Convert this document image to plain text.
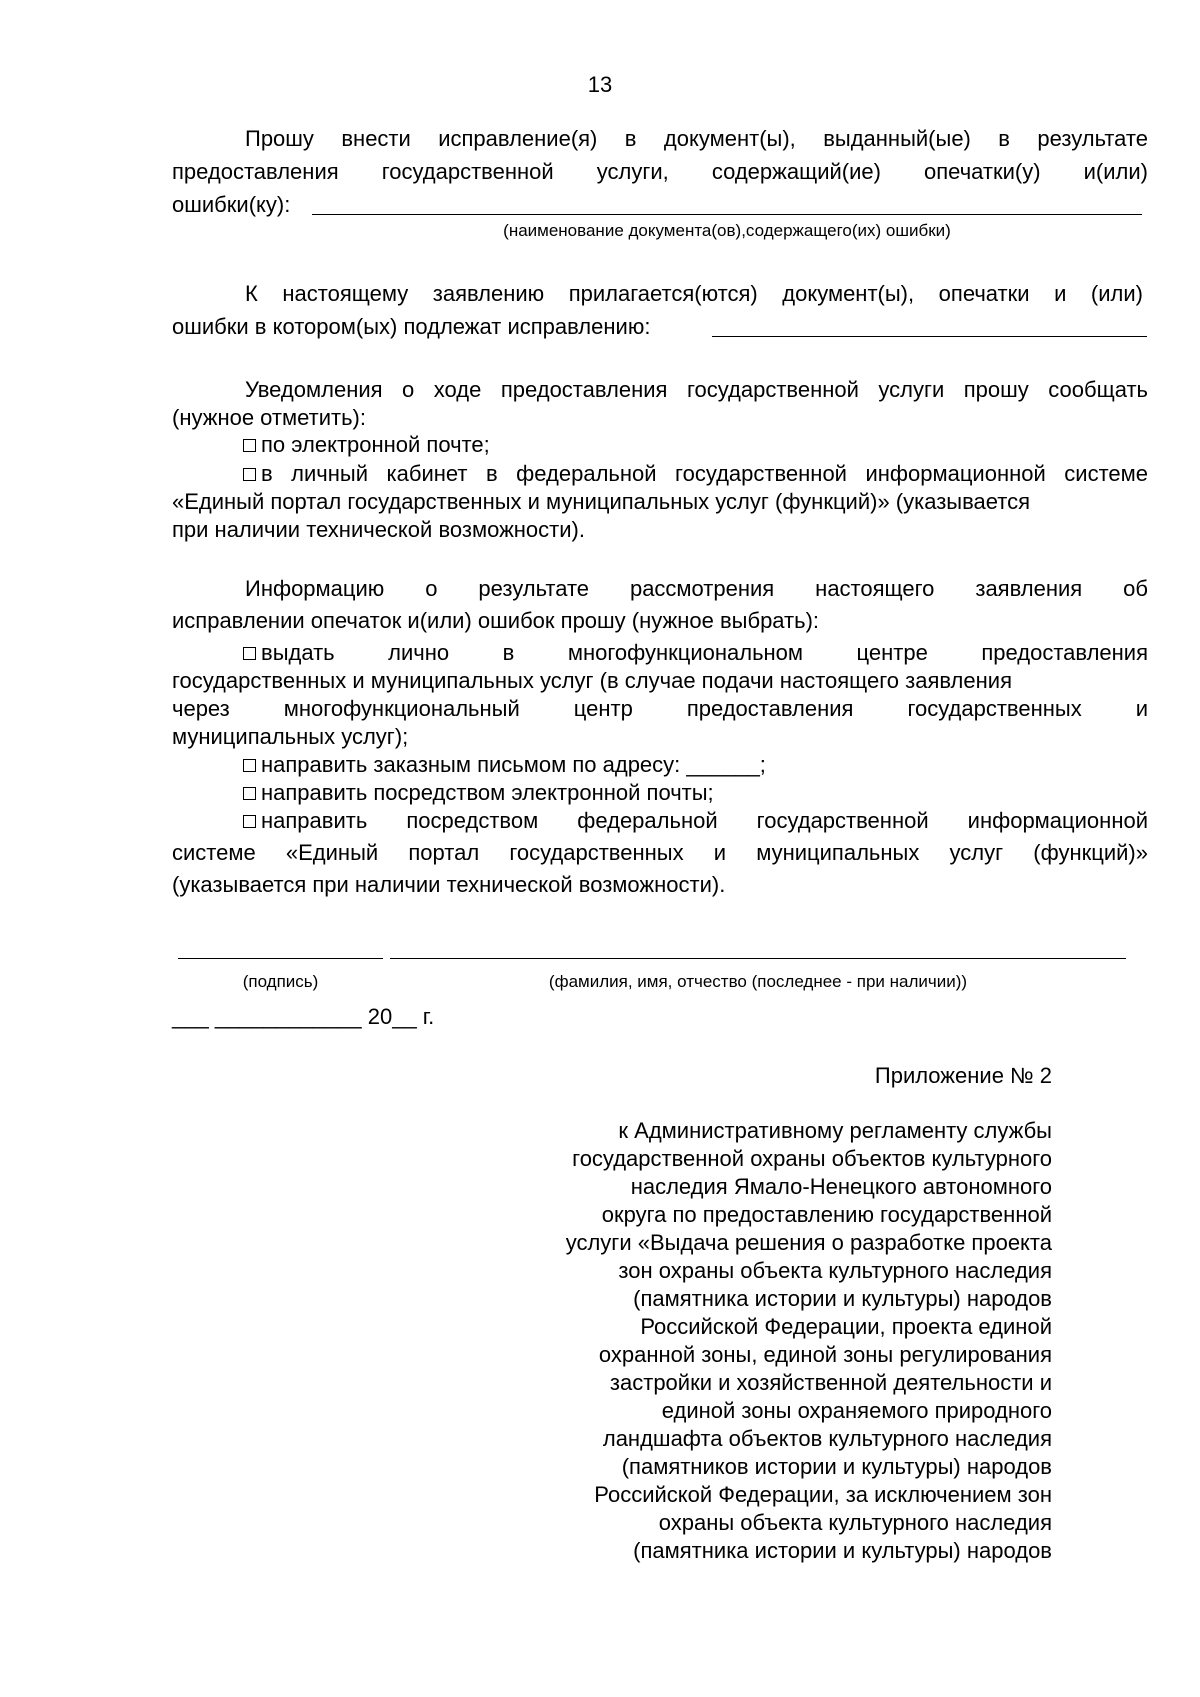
13
Прошу внести исправление(я) в документ(ы), выданный(ые) в результате
предоставления государственной услуги, содержащий(ие) опечатки(у) и(или)
ошибки(ку):
(наименование документа(ов),содержащего(их) ошибки)
К настоящему заявлению прилагается(ются) документ(ы), опечатки и (или)
ошибки в котором(ых) подлежат исправлению:
Уведомления о ходе предоставления государственной услуги прошу сообщать
(нужное отметить):
по электронной почте;
в личный кабинет в федеральной государственной информационной системе
«Единый портал государственных и муниципальных услуг (функций)» (указывается
при наличии технической возможности).
Информацию о результате рассмотрения настоящего заявления об
исправлении опечаток и(или) ошибок прошу (нужное выбрать):
выдать лично в многофункциональном центре предоставления
государственных и муниципальных услуг (в случае подачи настоящего заявления
через многофункциональный центр предоставления государственных и
муниципальных услуг);
направить заказным письмом по адресу: ______;
направить посредством электронной почты;
направить посредством федеральной государственной информационной
системе «Единый портал государственных и муниципальных услуг (функций)»
(указывается при наличии технической возможности).
(подпись)	(фамилия, имя, отчество (последнее - при наличии))
___ ____________ 20__ г.
Приложение № 2
к Административному регламенту службы
государственной охраны объектов культурного
наследия Ямало-Ненецкого автономного
округа по предоставлению государственной
услуги «Выдача решения о разработке проекта
зон охраны объекта культурного наследия
(памятника истории и культуры) народов
Российской Федерации, проекта единой
охранной зоны, единой зоны регулирования
застройки и хозяйственной деятельности и
единой зоны охраняемого природного
ландшафта объектов культурного наследия
(памятников истории и культуры) народов
Российской Федерации, за исключением зон
охраны объекта культурного наследия
(памятника истории и культуры) народов
